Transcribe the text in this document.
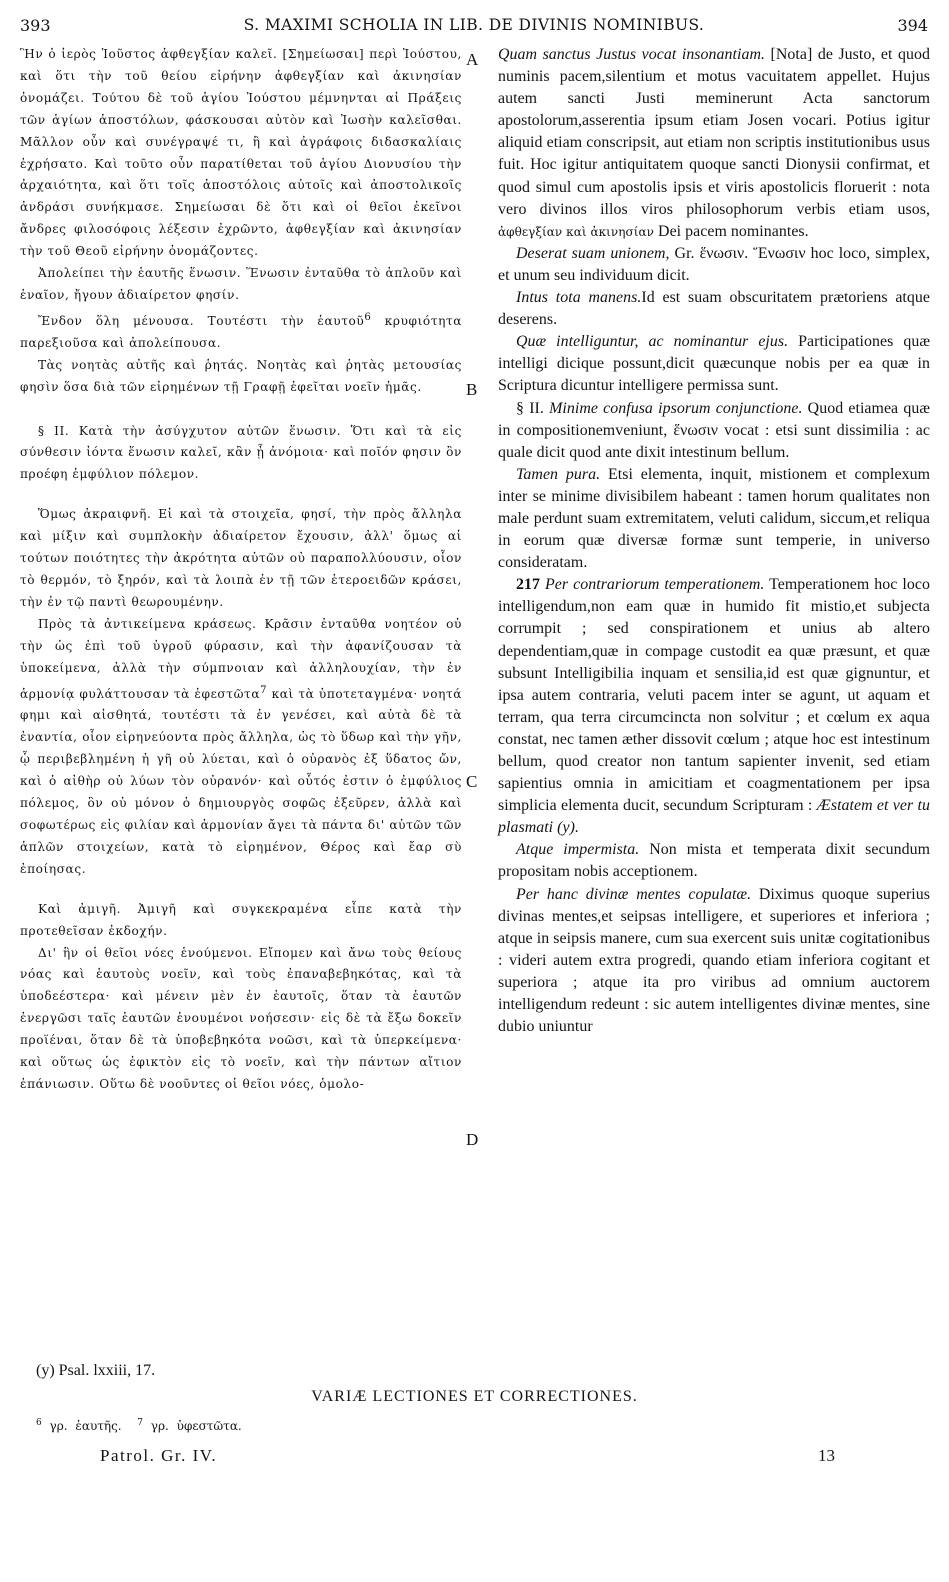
393	S. MAXIMI SCHOLIA IN LIB. DE DIVINIS NOMINIBUS.	394

Ἣν ὁ ἱερὸς Ἰοῦστος ἀφθεγξίαν καλεῖ. [Σημείωσαι] περὶ Ἰούστου, καὶ ὅτι τὴν τοῦ θείου εἰρήνην ἀφθεγξίαν καὶ ἀκινησίαν ὀνομάζει. Τούτου δὲ τοῦ ἁγίου Ἰούστου μέμνηνται αἱ Πράξεις τῶν ἁγίων ἀποστόλων, φάσκουσαι αὐτὸν καὶ Ἰωσὴν καλεῖσθαι. Μᾶλλον οὖν καὶ συνέγραψέ τι, ἢ καὶ ἀγράφοις διδασκαλίαις ἐχρήσατο. Καὶ τοῦτο οὖν παρατίθεται τοῦ ἁγίου Διονυσίου τὴν ἀρχαιότητα, καὶ ὅτι τοῖς ἀποστόλοις αὐτοῖς καὶ ἀποστολικοῖς ἀνδράσι συνήκμασε. Σημείωσαι δὲ ὅτι καὶ οἱ θεῖοι ἐκεῖνοι ἄνδρες φιλοσόφοις λέξεσιν ἐχρῶντο, ἀφθεγξίαν καὶ ἀκινησίαν τὴν τοῦ Θεοῦ εἰρήνην ὀνομάζοντες.

Ἀπολείπει τὴν ἑαυτῆς ἕνωσιν. Ἕνωσιν ἐνταῦθα τὸ ἁπλοῦν καὶ ἑναῖον, ἤγουν ἀδιαίρετον φησίν.

Ἔνδον ὅλη μένουσα. Τουτέστι τὴν ἑαυτοῦ$^6$ κρυφιότητα παρεξιοῦσα καὶ ἀπολείπουσα.

Τὰς νοητὰς αὐτῆς καὶ ῥητάς. Νοητὰς καὶ ῥητὰς μετουσίας φησὶν ὅσα διὰ τῶν εἰρημένων τῇ Γραφῇ ἐφεῖται νοεῖν ἡμᾶς.

§ II. Κατὰ τὴν ἀσύγχυτον αὐτῶν ἕνωσιν. Ὅτι καὶ τὰ εἰς σύνθεσιν ἰόντα ἕνωσιν καλεῖ, κἂν ᾖ ἀνόμοια· καὶ ποῖόν φησιν ὂν προέφη ἐμφύλιον πόλεμον.

Ὅμως ἀκραιφνῆ. Εἰ καὶ τὰ στοιχεῖα, φησί, τὴν πρὸς ἄλληλα καὶ μίξιν καὶ συμπλοκὴν ἀδιαίρετον ἔχουσιν, ἀλλ' ὅμως αἱ τούτων ποιότητες τὴν ἀκρότητα αὐτῶν οὐ παραπολλύουσιν, οἷον τὸ θερμόν, τὸ ξηρόν, καὶ τὰ λοιπὰ ἐν τῇ τῶν ἑτεροειδῶν κράσει, τὴν ἐν τῷ παντὶ θεωρουμένην.

Πρὸς τὰ ἀντικείμενα κράσεως. Κρᾶσιν ἐνταῦθα νοητέον οὐ τὴν ὡς ἐπὶ τοῦ ὑγροῦ φύρασιν, καὶ τὴν ἀφανίζουσαν τὰ ὑποκείμενα, ἀλλὰ τὴν σύμπνοιαν καὶ ἀλληλουχίαν, τὴν ἐν ἁρμονίᾳ φυλάττουσαν τὰ ἐφεστῶτα$^7$ καὶ τὰ ὑποτεταγμένα· νοητά φημι καὶ αἰσθητά, τουτέστι τὰ ἐν γενέσει, καὶ αὐτὰ δὲ τὰ ἐναντία, οἷον εἰρηνεύοντα πρὸς ἄλληλα, ὡς τὸ ὕδωρ καὶ τὴν γῆν, ᾧ περιβεβλημένη ἡ γῆ οὐ λύεται, καὶ ὁ οὐρανὸς ἐξ ὕδατος ὤν, καὶ ὁ αἰθὴρ οὐ λύων τὸν οὐρανόν· καὶ οὗτός ἐστιν ὁ ἐμφύλιος πόλεμος, ὃν οὐ μόνον ὁ δημιουργὸς σοφῶς ἐξεῦρεν, ἀλλὰ καὶ σοφωτέρως εἰς φιλίαν καὶ ἁρμονίαν ἄγει τὰ πάντα δι' αὐτῶν τῶν ἁπλῶν στοιχείων, κατὰ τὸ εἰρημένον, Θέρος καὶ ἔαρ σὺ ἐποίησας.

Καὶ ἀμιγῆ. Ἀμιγῆ καὶ συγκεκραμένα εἶπε κατὰ τὴν προτεθεῖσαν ἐκδοχήν.

Δι' ἣν οἱ θεῖοι νόες ἑνούμενοι. Εἴπομεν καὶ ἄνω τοὺς θείους νόας καὶ ἑαυτοὺς νοεῖν, καὶ τοὺς ἐπαναβεβηκότας, καὶ τὰ ὑποδεέστερα· καὶ μένειν μὲν ἐν ἑαυτοῖς, ὅταν τὰ ἑαυτῶν ἐνεργῶσι ταῖς ἑαυτῶν ἑνουμένοι νοήσεσιν· εἰς δὲ τὰ ἔξω δοκεῖν προϊέναι, ὅταν δὲ τὰ ὑποβεβηκότα νοῶσι, καὶ τὰ ὑπερκείμενα· καὶ οὕτως ὡς ἐφικτὸν εἰς τὸ νοεῖν, καὶ τὴν πάντων αἴτιον ἐπάνιωσιν. Οὕτω δὲ νοοῦντες οἱ θεῖοι νόες, ὁμολο-

Quam sanctus Justus vocat insonantiam. [Nota] de Justo, et quod numinis pacem,silentium et motus vacuitatem appellet. Hujus autem sancti Justi meminerunt Acta sanctorum apostolorum,asserentia ipsum etiam Josen vocari. Potius igitur aliquid etiam conscripsit, aut etiam non scriptis institutionibus usus fuit. Hoc igitur antiquitatem quoque sancti Dionysii confirmat, et quod simul cum apostolis ipsis et viris apostolicis floruerit : nota vero divinos illos viros philosophorum verbis etiam usos, ἀφθεγξίαν καὶ ἀκινησίαν Dei pacem nominantes.

Deserat suam unionem, Gr. ἕνωσιν. Ἕνωσιν hoc loco, simplex, et unum seu individuum dicit.

Intus tota manens.Id est suam obscuritatem prætoriens atque deserens.

Quæ intelliguntur, ac nominantur ejus. Participationes quæ intelligi dicique possunt,dicit quæcunque nobis per ea quæ in Scriptura dicuntur intelligere permissa sunt.

§ II. Minime confusa ipsorum conjunctione. Quod etiamea quæ in compositionemveniunt, ἕνωσιν vocat : etsi sunt dissimilia : ac quale dicit quod ante dixit intestinum bellum.

Tamen pura. Etsi elementa, inquit, mistionem et complexum inter se minime divisibilem habeant : tamen horum qualitates non male perdunt suam extremitatem, veluti calidum, siccum,et reliqua in eorum quæ diversæ formæ sunt temperie, in universo consideratam.

217 Per contrariorum temperationem. Temperationem hoc loco intelligendum,non eam quæ in humido fit mistio,et subjecta corrumpit ; sed conspirationem et unius ab altero dependentiam,quæ in compage custodit ea quæ præsunt, et quæ subsunt Intelligibilia inquam et sensilia,id est quæ gignuntur, et ipsa autem contraria, veluti pacem inter se agunt, ut aquam et terram, qua terra circumcincta non solvitur ; et cœlum ex aqua constat, nec tamen æther dissovit cœlum ; atque hoc est intestinum bellum, quod creator non tantum sapienter invenit, sed etiam sapientius omnia in amicitiam et coagmentationem per ipsa simplicia elementa ducit, secundum Scripturam : Æstatem et ver tu plasmati (y).

Atque impermista. Non mista et temperata dixit secundum propositam nobis acceptionem.

Per hanc divinæ mentes copulatæ. Diximus quoque superius divinas mentes,et seipsas intelligere, et superiores et inferiora ; atque in seipsis manere, cum sua exercent suis unitæ cogitationibus : videri autem extra progredi, quando etiam inferiora cogitant et superiora ; atque ita pro viribus ad omnium auctorem intelligendum redeunt : sic autem intelligentes divinæ mentes, sine dubio uniuntur

A
B
C
D
(y) Psal. lxxiii, 17.
VARIÆ LECTIONES ET CORRECTIONES.
$^6$ γρ. ἑαυτῆς. $^7$ γρ. ὑφεστῶτα.
Patrol. Gr. IV.	13
